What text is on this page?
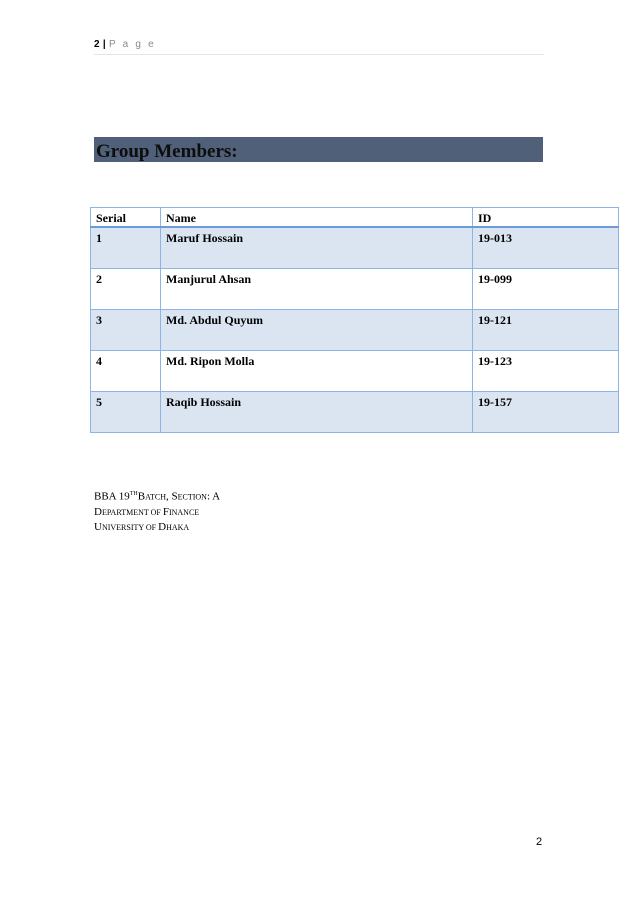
2 | P a g e
Group Members:
Serial	Name	ID
1	Maruf Hossain	19-013
2	Manjurul Ahsan	19-099
3	Md. Abdul Quyum	19-121
4	Md. Ripon Molla	19-123
5	Raqib Hossain	19-157
BBA 19THBATCH, SECTION: A
DEPARTMENT OF FINANCE
UNIVERSITY OF DHAKA
2
